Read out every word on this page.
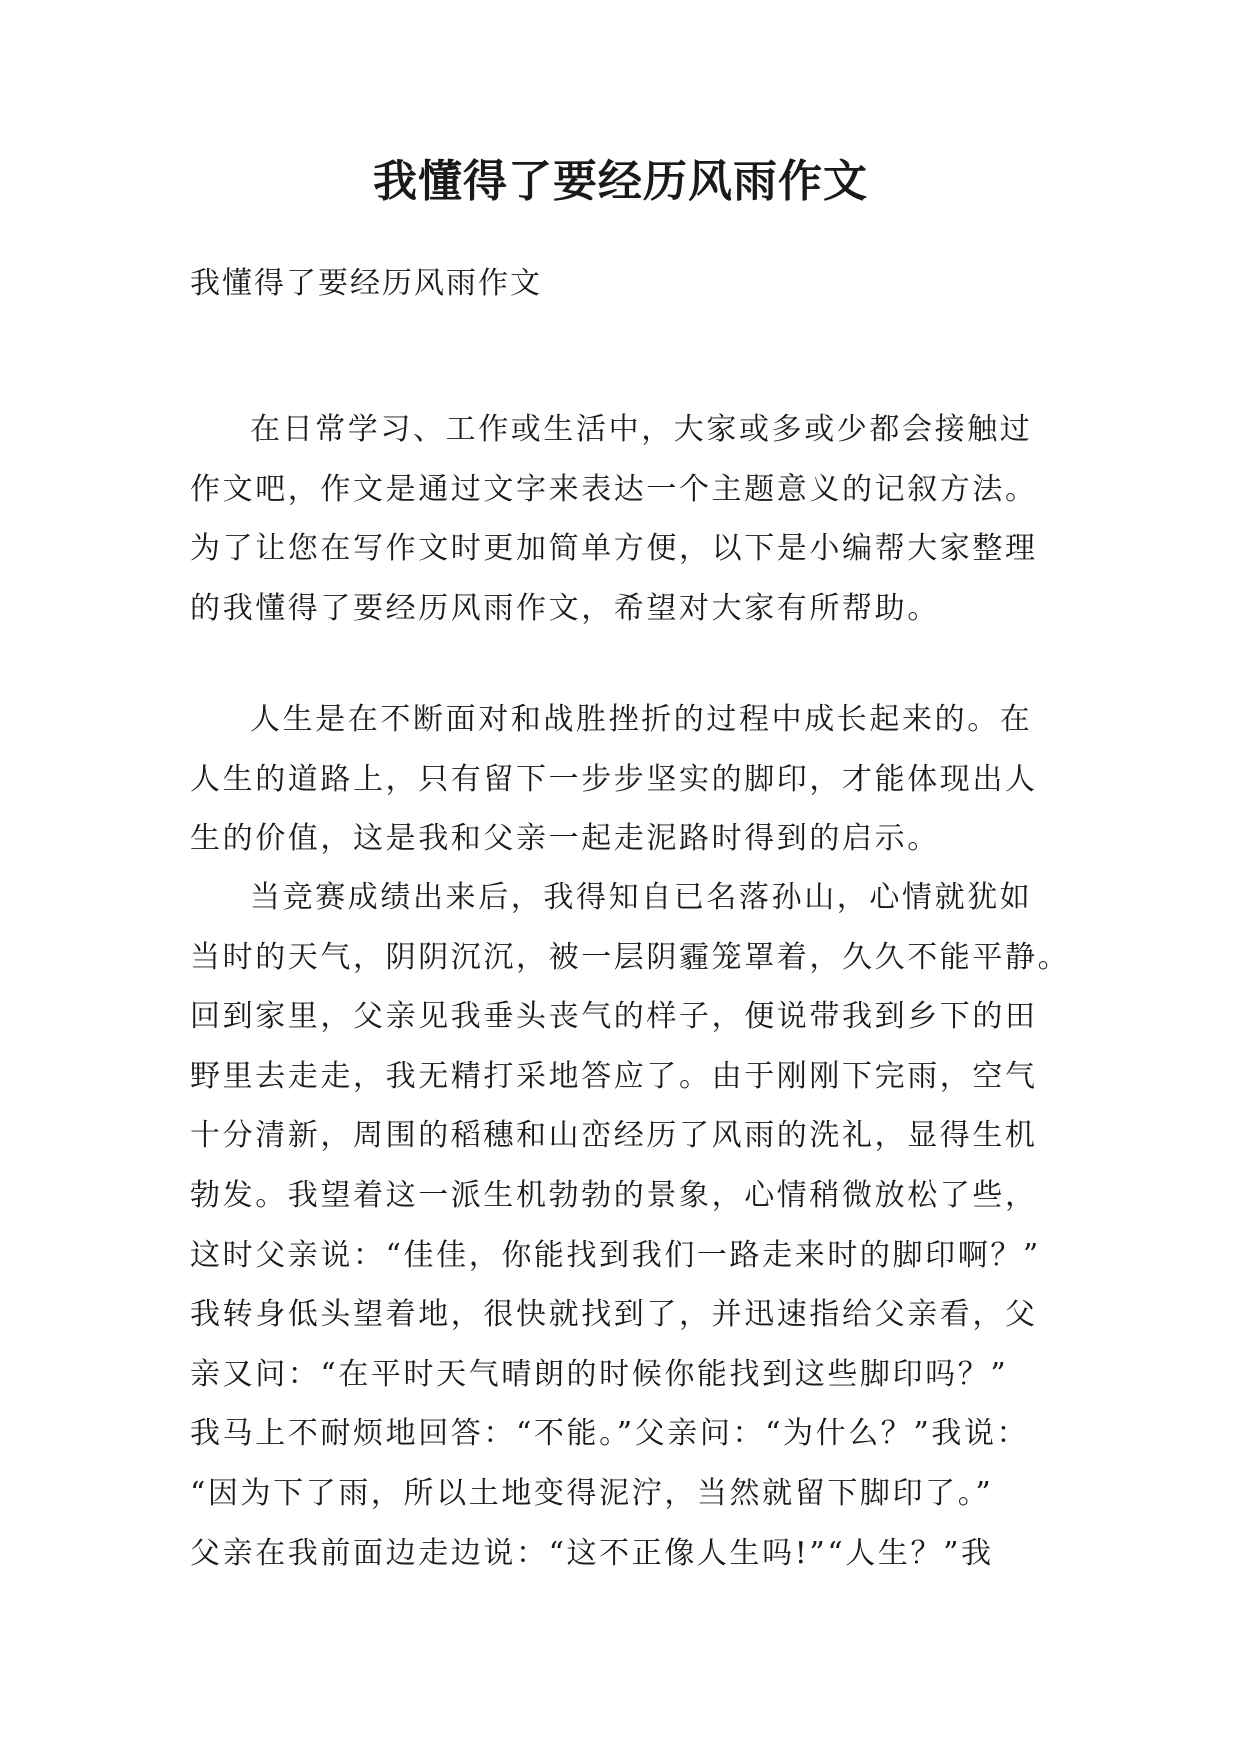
我懂得了要经历风雨作文

我懂得了要经历风雨作文

在日常学习、工作或生活中，大家或多或少都会接触过
作文吧，作文是通过文字来表达一个主题意义的记叙方法。
为了让您在写作文时更加简单方便，以下是小编帮大家整理
的我懂得了要经历风雨作文，希望对大家有所帮助。
人生是在不断面对和战胜挫折的过程中成长起来的。在
人生的道路上，只有留下一步步坚实的脚印，才能体现出人
生的价值，这是我和父亲一起走泥路时得到的启示。
当竞赛成绩出来后，我得知自已名落孙山，心情就犹如
当时的天气，阴阴沉沉，被一层阴霾笼罩着，久久不能平静。
回到家里，父亲见我垂头丧气的样子，便说带我到乡下的田
野里去走走，我无精打采地答应了。由于刚刚下完雨，空气
十分清新，周围的稻穗和山峦经历了风雨的洗礼，显得生机
勃发。我望着这一派生机勃勃的景象，心情稍微放松了些，
这时父亲说：“佳佳，你能找到我们一路走来时的脚印啊？”
我转身低头望着地，很快就找到了，并迅速指给父亲看，父
亲又问：“在平时天气晴朗的时候你能找到这些脚印吗？”
我马上不耐烦地回答：“不能。”父亲问：“为什么？”我说：
“因为下了雨，所以土地变得泥泞，当然就留下脚印了。”
父亲在我前面边走边说：“这不正像人生吗!”“人生？”我
